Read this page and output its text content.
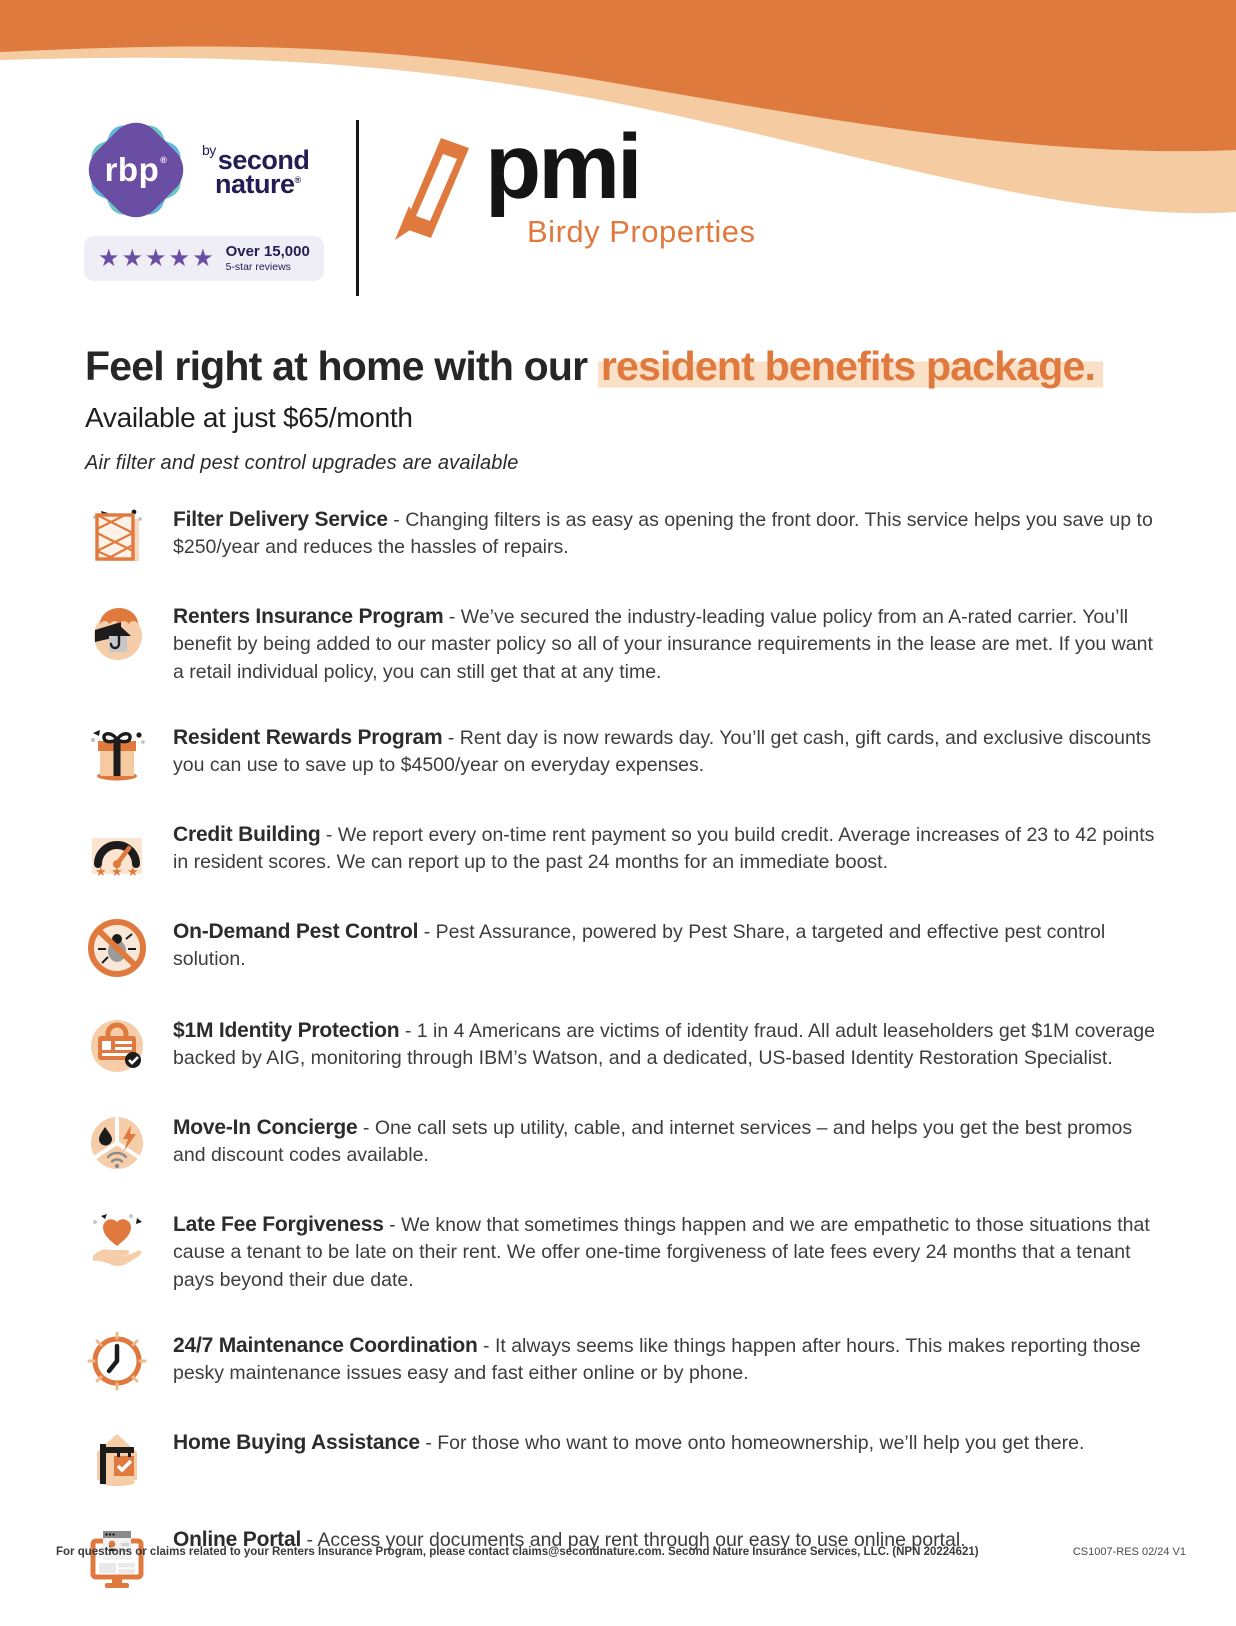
rbp®
$^{by}$second
nature®
★★★★★ Over 15,000
5-star reviews
pmi
Birdy Properties
Feel right at home with our resident benefits package.
Available at just $65/month
Air filter and pest control upgrades are available

Filter Delivery Service - Changing filters is as easy as opening the front door. This service helps you save up to $250/year and reduces the hassles of repairs.

Renters Insurance Program - We’ve secured the industry-leading value policy from an A-rated carrier. You’ll benefit by being added to our master policy so all of your insurance requirements in the lease are met. If you want a retail individual policy, you can still get that at any time.

Resident Rewards Program - Rent day is now rewards day. You’ll get cash, gift cards, and exclusive discounts you can use to save up to $4500/year on everyday expenses.

★ ★ ★

Credit Building - We report every on-time rent payment so you build credit. Average increases of 23 to 42 points in resident scores. We can report up to the past 24 months for an immediate boost.

On-Demand Pest Control - Pest Assurance, powered by Pest Share, a targeted and effective pest control solution.

$1M Identity Protection - 1 in 4 Americans are victims of identity fraud. All adult leaseholders get $1M coverage backed by AIG, monitoring through IBM’s Watson, and a dedicated, US-based Identity Restoration Specialist.

Move-In Concierge - One call sets up utility, cable, and internet services – and helps you get the best promos and discount codes available.

Late Fee Forgiveness - We know that sometimes things happen and we are empathetic to those situations that cause a tenant to be late on their rent. We offer one-time forgiveness of late fees every 24 months that a tenant pays beyond their due date.

24/7 Maintenance Coordination - It always seems like things happen after hours. This makes reporting those pesky maintenance issues easy and fast either online or by phone.

Home Buying Assistance - For those who want to move onto homeownership, we’ll help you get there.

Online Portal - Access your documents and pay rent through our easy to use online portal.

For questions or claims related to your Renters Insurance Program, please contact claims@secondnature.com. Second Nature Insurance Services, LLC. (NPN 20224621)	CS1007-RES 02/24 V1
